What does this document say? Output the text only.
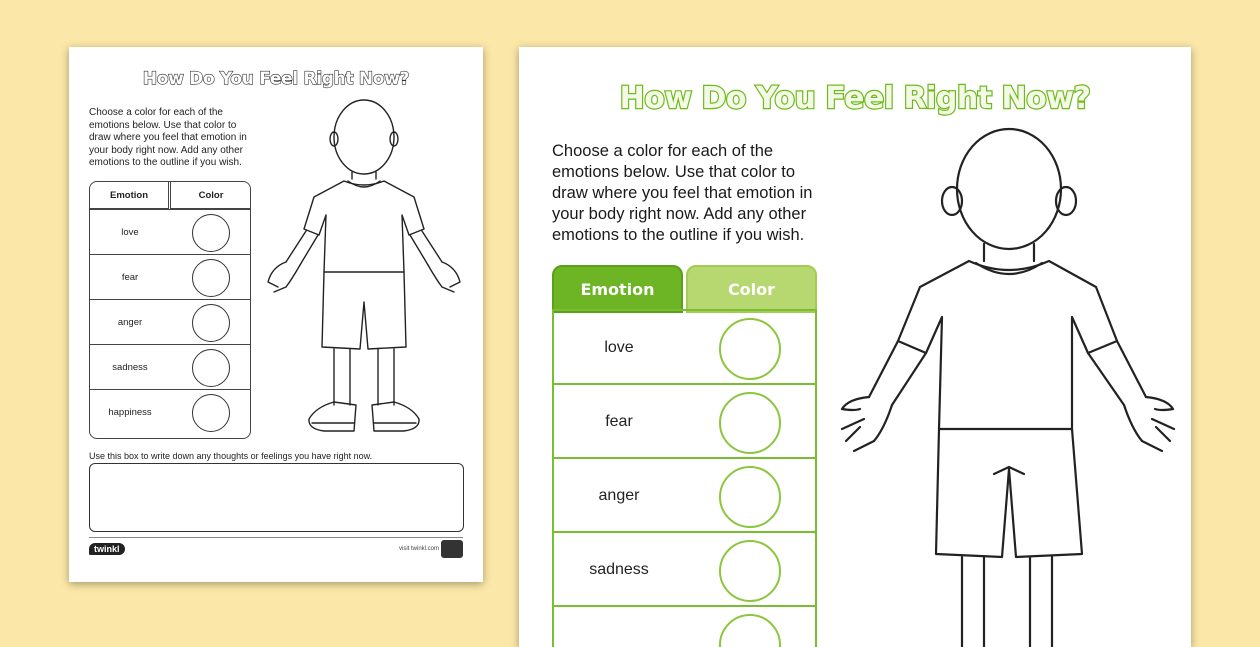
How Do You Feel Right Now?
Choose a color for each of the emotions below. Use that color to draw where you feel that emotion in your body right now. Add any other emotions to the outline if you wish.
Emotion	Color
love
fear
anger
sadness
happiness
Use this box to write down any thoughts or feelings you have right now.
twinkl	visit twinkl.com
How Do You Feel Right Now?
Choose a color for each of the emotions below. Use that color to draw where you feel that emotion in your body right now. Add any other emotions to the outline if you wish.
Emotion	Color
love
fear
anger
sadness
